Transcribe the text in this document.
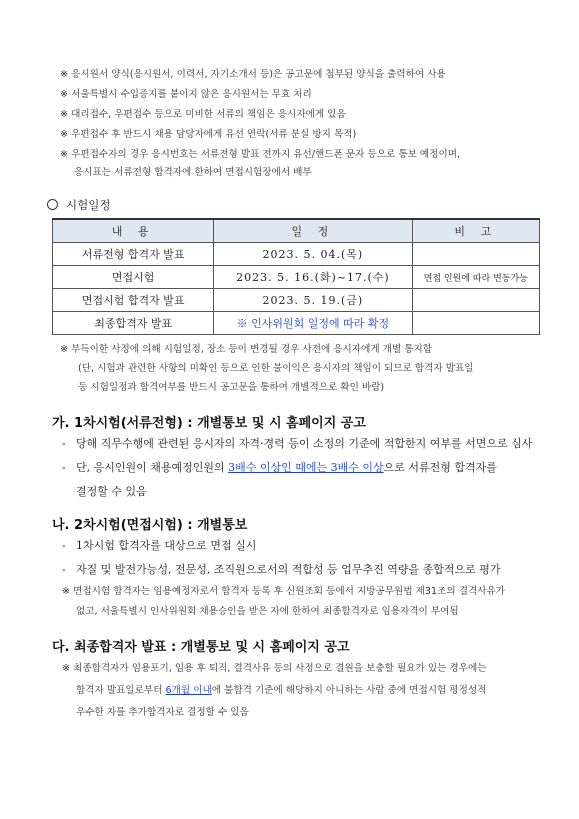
※ 응시원서 양식(응시원서, 이력서, 자기소개서 등)은 공고문에 첨부된 양식을 출력하여 사용
※ 서울특별시 수입증지를 붙이지 않은 응시원서는 무효 처리
※ 대리접수, 우편접수 등으로 미비한 서류의 책임은 응시자에게 있음
※ 우편접수 후 반드시 채용 담당자에게 유선 연락(서류 분실 방지 목적)
※ 우편접수자의 경우 응시번호는 서류전형 발표 전까지 유선/핸드폰 문자 등으로 통보 예정이며,
응시표는 서류전형 합격자에 한하여 면접시험장에서 배부
시험일정
내 용	일 정	비 고
서류전형 합격자 발표	2023. 5. 04.(목)	
면접시험	2023. 5. 16.(화)~17.(수)	면접 인원에 따라 변동가능
면접시험 합격자 발표	2023. 5. 19.(금)	
최종합격자 발표	※ 인사위원회 일정에 따라 확정	
※ 부득이한 사정에 의해 시험일정, 장소 등이 변경될 경우 사전에 응시자에게 개별 통지함
(단, 시험과 관련한 사항의 미확인 등으로 인한 불이익은 응시자의 책임이 되므로 합격자 발표일
등 시험일정과 합격여부를 반드시 공고문을 통하여 개별적으로 확인 바람)
가. 1차시험(서류전형) : 개별통보 및 시 홈페이지 공고
- 당해 직무수행에 관련된 응시자의 자격·경력 등이 소정의 기준에 적합한지 여부를 서면으로 심사
- 단, 응시인원이 채용예정인원의 3배수 이상인 때에는 3배수 이상으로 서류전형 합격자를
결정할 수 있음
나. 2차시험(면접시험) : 개별통보
- 1차시험 합격자를 대상으로 면접 실시
- 자질 및 발전가능성, 전문성, 조직원으로서의 적합성 등 업무추진 역량을 종합적으로 평가
※ 면접시험 합격자는 임용예정자로서 합격자 등록 후 신원조회 등에서 지방공무원법 제31조의 결격사유가
없고, 서울특별시 인사위원회 채용승인을 받은 자에 한하여 최종합격자로 임용자격이 부여됨
다. 최종합격자 발표 : 개별통보 및 시 홈페이지 공고
※ 최종합격자가 임용포기, 임용 후 퇴직, 결격사유 등의 사정으로 결원을 보충할 필요가 있는 경우에는
합격자 발표일로부터 6개월 이내에 불합격 기준에 해당하지 아니하는 사람 중에 면접시험 평정성적
우수한 자를 추가합격자로 결정할 수 있음
